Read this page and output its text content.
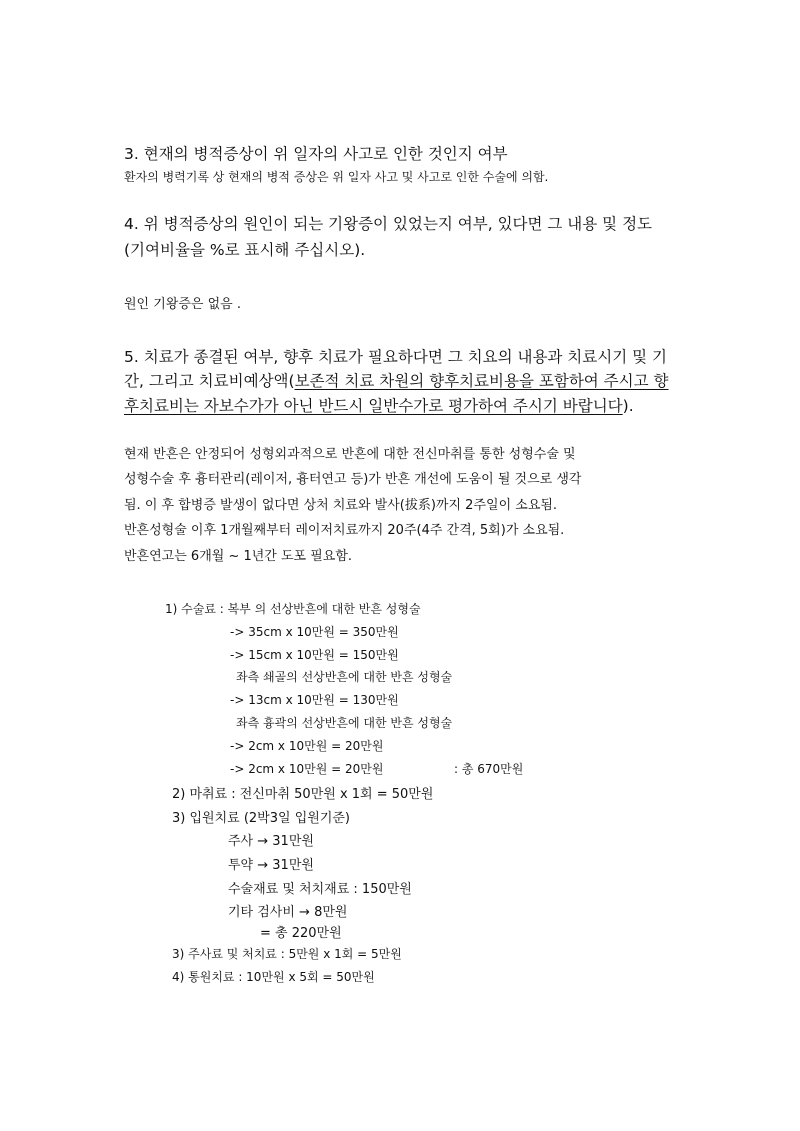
3. 현재의 병적증상이 위 일자의 사고로 인한 것인지 여부
환자의 병력기록 상 현재의 병적 증상은 위 일자 사고 및 사고로 인한 수술에 의함.
4. 위 병적증상의 원인이 되는 기왕증이 있었는지 여부, 있다면 그 내용 및 정도
(기여비율을 %로 표시해 주십시오).
원인 기왕증은 없음 .
5. 치료가 종결된 여부, 향후 치료가 필요하다면 그 치요의 내용과 치료시기 및 기
간, 그리고 치료비예상액(보존적 치료 차원의 향후치료비용을 포함하여 주시고 향
후치료비는 자보수가가 아닌 반드시 일반수가로 평가하여 주시기 바랍니다).
현재 반흔은 안정되어 성형외과적으로 반흔에 대한 전신마취를 통한 성형수술 및
성형수술 후 흉터관리(레이저, 흉터연고 등)가 반흔 개선에 도움이 될 것으로 생각
됨. 이 후 합병증 발생이 없다면 상처 치료와 발사(拔系)까지 2주일이 소요됨.
반흔성형술 이후 1개월째부터 레이저치료까지 20주(4주 간격, 5회)가 소요됨.
반흔연고는 6개월 ~ 1년간 도포 필요함.
1) 수술료 : 복부 의 선상반흔에 대한 반흔 성형술
-> 35cm x 10만원 = 350만원
-> 15cm x 10만원 = 150만원
좌측 쇄골의 선상반흔에 대한 반흔 성형술
-> 13cm x 10만원 = 130만원
좌측 흉곽의 선상반흔에 대한 반흔 성형술
-> 2cm x 10만원 = 20만원
-> 2cm x 10만원 = 20만원	: 총 670만원
2) 마취료 : 전신마취 50만원 x 1회 = 50만원
3) 입원치료 (2박3일 입원기준)
주사 → 31만원
투약 → 31만원
수술재료 및 처치재료 : 150만원
기타 검사비 → 8만원
= 총 220만원
3) 주사료 및 처치료 : 5만원 x 1회 = 5만원
4) 통원치료 : 10만원 x 5회 = 50만원
